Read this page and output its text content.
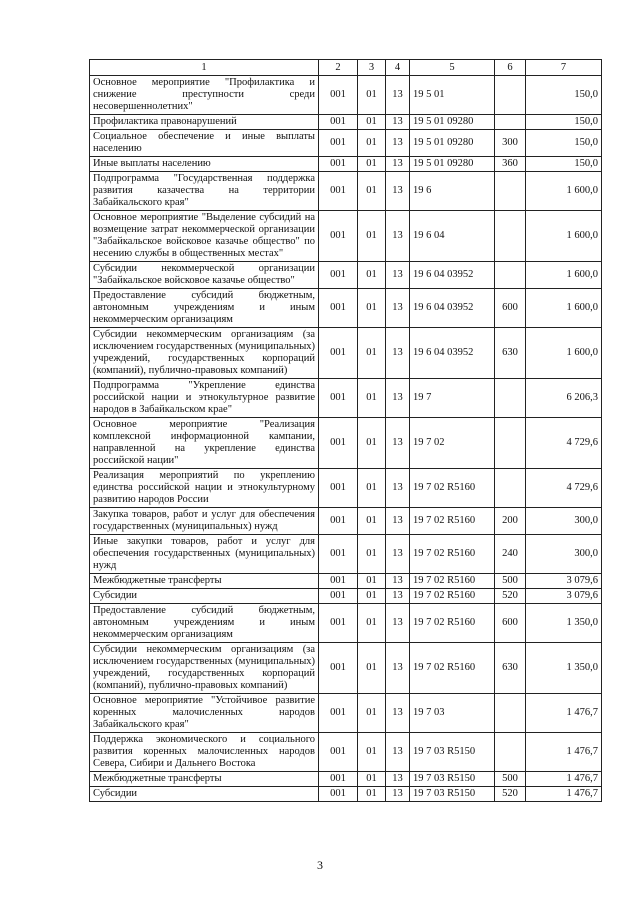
1	2	3	4	5	6	7
Основное мероприятие "Профилактика и снижение преступности среди несовершеннолетних"	001	01	13	19 5 01		150,0
Профилактика правонарушений	001	01	13	19 5 01 09280		150,0
Социальное обеспечение и иные выплаты населению	001	01	13	19 5 01 09280	300	150,0
Иные выплаты населению	001	01	13	19 5 01 09280	360	150,0
Подпрограмма "Государственная поддержка развития казачества на территории Забайкальского края"	001	01	13	19 6		1 600,0
Основное мероприятие "Выделение субсидий на возмещение затрат некоммерческой организации "Забайкальское войсковое казачье общество" по несению службы в общественных местах"	001	01	13	19 6 04		1 600,0
Субсидии некоммерческой организации "Забайкальское войсковое казачье общество"	001	01	13	19 6 04 03952		1 600,0
Предоставление субсидий бюджетным, автономным учреждениям и иным некоммерческим организациям	001	01	13	19 6 04 03952	600	1 600,0
Субсидии некоммерческим организациям (за исключением государственных (муниципальных) учреждений, государственных корпораций (компаний), публично-правовых компаний)	001	01	13	19 6 04 03952	630	1 600,0
Подпрограмма "Укрепление единства российской нации и этнокультурное развитие народов в Забайкальском крае"	001	01	13	19 7		6 206,3
Основное мероприятие "Реализация комплексной информационной кампании, направленной на укрепление единства российской нации"	001	01	13	19 7 02		4 729,6
Реализация мероприятий по укреплению единства российской нации и этнокультурному развитию народов России	001	01	13	19 7 02 R5160		4 729,6
Закупка товаров, работ и услуг для обеспечения государственных (муниципальных) нужд	001	01	13	19 7 02 R5160	200	300,0
Иные закупки товаров, работ и услуг для обеспечения государственных (муниципальных) нужд	001	01	13	19 7 02 R5160	240	300,0
Межбюджетные трансферты	001	01	13	19 7 02 R5160	500	3 079,6
Субсидии	001	01	13	19 7 02 R5160	520	3 079,6
Предоставление субсидий бюджетным, автономным учреждениям и иным некоммерческим организациям	001	01	13	19 7 02 R5160	600	1 350,0
Субсидии некоммерческим организациям (за исключением государственных (муниципальных) учреждений, государственных корпораций (компаний), публично-правовых компаний)	001	01	13	19 7 02 R5160	630	1 350,0
Основное мероприятие "Устойчивое развитие коренных малочисленных народов Забайкальского края"	001	01	13	19 7 03		1 476,7
Поддержка экономического и социального развития коренных малочисленных народов Севера, Сибири и Дальнего Востока	001	01	13	19 7 03 R5150		1 476,7
Межбюджетные трансферты	001	01	13	19 7 03 R5150	500	1 476,7
Субсидии	001	01	13	19 7 03 R5150	520	1 476,7
3
